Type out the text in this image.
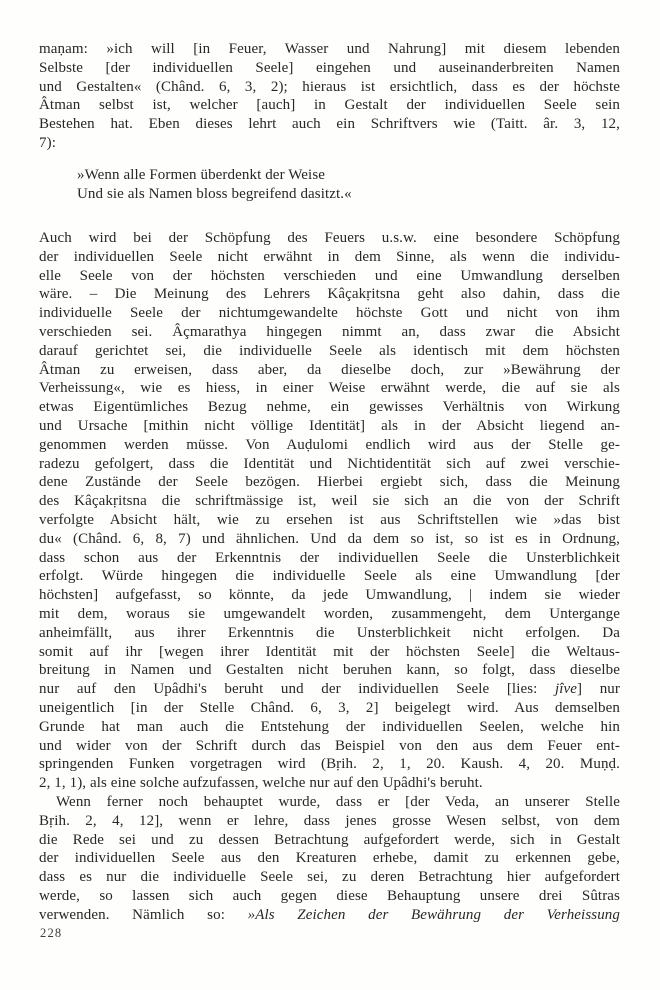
maṇam: »ich will [in Feuer, Wasser und Nahrung] mit diesem lebenden
Selbste [der individuellen Seele] eingehen und auseinanderbreiten Namen
und Gestalten« (Chând. 6, 3, 2); hieraus ist ersichtlich, dass es der höchste
Âtman selbst ist, welcher [auch] in Gestalt der individuellen Seele sein
Bestehen hat. Eben dieses lehrt auch ein Schriftvers wie (Taitt. âr. 3, 12,
7):
»Wenn alle Formen überdenkt der Weise
Und sie als Namen bloss begreifend dasitzt.«
Auch wird bei der Schöpfung des Feuers u.s.w. eine besondere Schöpfung
der individuellen Seele nicht erwähnt in dem Sinne, als wenn die individu-
elle Seele von der höchsten verschieden und eine Umwandlung derselben
wäre. – Die Meinung des Lehrers Kâçakṛitsna geht also dahin, dass die
individuelle Seele der nichtumgewandelte höchste Gott und nicht von ihm
verschieden sei. Âçmarathya hingegen nimmt an, dass zwar die Absicht
darauf gerichtet sei, die individuelle Seele als identisch mit dem höchsten
Âtman zu erweisen, dass aber, da dieselbe doch, zur »Bewährung der
Verheissung«, wie es hiess, in einer Weise erwähnt werde, die auf sie als
etwas Eigentümliches Bezug nehme, ein gewisses Verhältnis von Wirkung
und Ursache [mithin nicht völlige Identität] als in der Absicht liegend an-
genommen werden müsse. Von Auḍulomi endlich wird aus der Stelle ge-
radezu gefolgert, dass die Identität und Nichtidentität sich auf zwei verschie-
dene Zustände der Seele bezögen. Hierbei ergiebt sich, dass die Meinung
des Kâçakṛitsna die schriftmässige ist, weil sie sich an die von der Schrift
verfolgte Absicht hält, wie zu ersehen ist aus Schriftstellen wie »das bist
du« (Chând. 6, 8, 7) und ähnlichen. Und da dem so ist, so ist es in Ordnung,
dass schon aus der Erkenntnis der individuellen Seele die Unsterblichkeit
erfolgt. Würde hingegen die individuelle Seele als eine Umwandlung [der
höchsten] aufgefasst, so könnte, da jede Umwandlung, | indem sie wieder
mit dem, woraus sie umgewandelt worden, zusammengeht, dem Untergange
anheimfällt, aus ihrer Erkenntnis die Unsterblichkeit nicht erfolgen. Da
somit auf ihr [wegen ihrer Identität mit der höchsten Seele] die Weltaus-
breitung in Namen und Gestalten nicht beruhen kann, so folgt, dass dieselbe
nur auf den Upâdhi's beruht und der individuellen Seele [lies: jîve] nur
uneigentlich [in der Stelle Chând. 6, 3, 2] beigelegt wird. Aus demselben
Grunde hat man auch die Entstehung der individuellen Seelen, welche hin
und wider von der Schrift durch das Beispiel von den aus dem Feuer ent-
springenden Funken vorgetragen wird (Bṛih. 2, 1, 20. Kaush. 4, 20. Muṇḍ.
2, 1, 1), als eine solche aufzufassen, welche nur auf den Upâdhi's beruht.
Wenn ferner noch behauptet wurde, dass er [der Veda, an unserer Stelle
Bṛih. 2, 4, 12], wenn er lehre, dass jenes grosse Wesen selbst, von dem
die Rede sei und zu dessen Betrachtung aufgefordert werde, sich in Gestalt
der individuellen Seele aus den Kreaturen erhebe, damit zu erkennen gebe,
dass es nur die individuelle Seele sei, zu deren Betrachtung hier aufgefordert
werde, so lassen sich auch gegen diese Behauptung unsere drei Sûtras
verwenden. Nämlich so: »Als Zeichen der Bewährung der Verheissung
228
